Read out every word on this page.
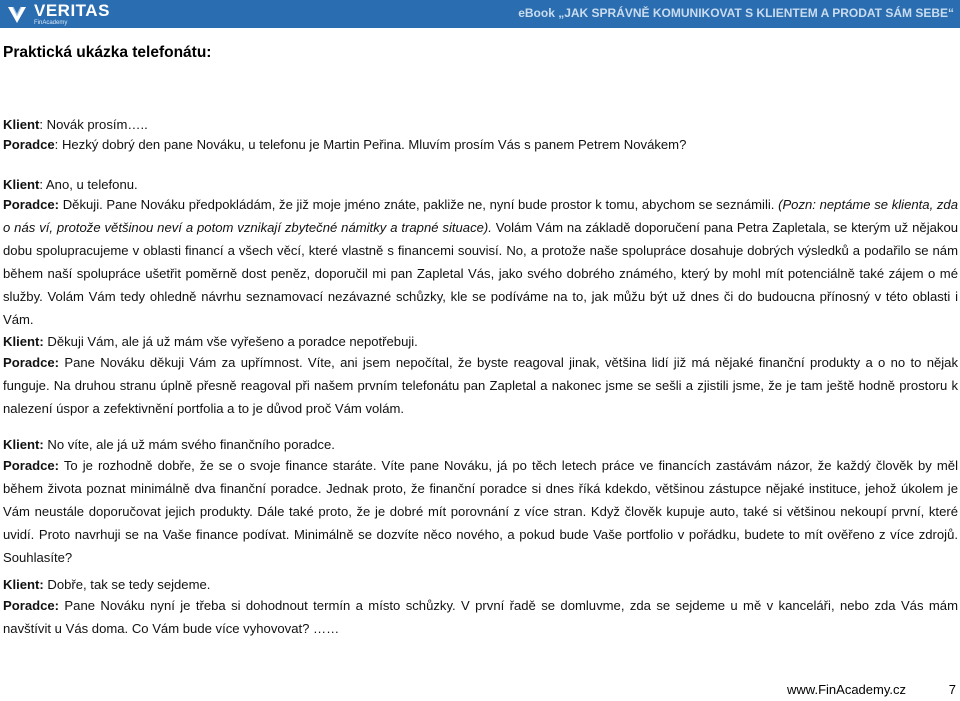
VERITAS
FinAcademy
eBook „JAK SPRÁVNĚ KOMUNIKOVAT S KLIENTEM A PRODAT SÁM SEBE“
Praktická ukázka telefonátu:
Klient: Novák prosím…..
Poradce: Hezký dobrý den pane Nováku, u telefonu je Martin Peřina. Mluvím prosím Vás s panem Petrem Novákem?
Klient: Ano, u telefonu.
Poradce: Děkuji. Pane Nováku předpokládám, že již moje jméno znáte, pakliže ne, nyní bude prostor k tomu, abychom se seznámili. (Pozn: neptáme se klienta, zda o nás ví, protože většinou neví a potom vznikají zbytečné námitky a trapné situace). Volám Vám na základě doporučení pana Petra Zapletala, se kterým už nějakou dobu spolupracujeme v oblasti financí a všech věcí, které vlastně s financemi souvisí. No, a protože naše spolupráce dosahuje dobrých výsledků a podařilo se nám během naší spolupráce ušetřit poměrně dost peněz, doporučil mi pan Zapletal Vás, jako svého dobrého známého, který by mohl mít potenciálně také zájem o mé služby. Volám Vám tedy ohledně návrhu seznamovací nezávazné schůzky, kle se podíváme na to, jak můžu být už dnes či do budoucna přínosný v této oblasti i Vám.
Klient: Děkuji Vám, ale já už mám vše vyřešeno a poradce nepotřebuji.
Poradce: Pane Nováku děkuji Vám za upřímnost. Víte, ani jsem nepočítal, že byste reagoval jinak, většina lidí již má nějaké finanční produkty a o no to nějak funguje. Na druhou stranu úplně přesně reagoval při našem prvním telefonátu pan Zapletal a nakonec jsme se sešli a zjistili jsme, že je tam ještě hodně prostoru k nalezení úspor a zefektivnění portfolia a to je důvod proč Vám volám.
Klient: No víte, ale já už mám svého finančního poradce.
Poradce: To je rozhodně dobře, že se o svoje finance staráte. Víte pane Nováku, já po těch letech práce ve financích zastávám názor, že každý člověk by měl během života poznat minimálně dva finanční poradce. Jednak proto, že finanční poradce si dnes říká kdekdo, většinou zástupce nějaké instituce, jehož úkolem je Vám neustále doporučovat jejich produkty. Dále také proto, že je dobré mít porovnání z více stran. Když člověk kupuje auto, také si většinou nekoupí první, které uvidí. Proto navrhuji se na Vaše finance podívat. Minimálně se dozvíte něco nového, a pokud bude Vaše portfolio v pořádku, budete to mít ověřeno z více zdrojů. Souhlasíte?
Klient: Dobře, tak se tedy sejdeme.
Poradce: Pane Nováku nyní je třeba si dohodnout termín a místo schůzky. V první řadě se domluvme, zda se sejdeme u mě v kanceláři, nebo zda Vás mám navštívit u Vás doma. Co Vám bude více vyhovovat? ……
www.FinAcademy.cz	7
